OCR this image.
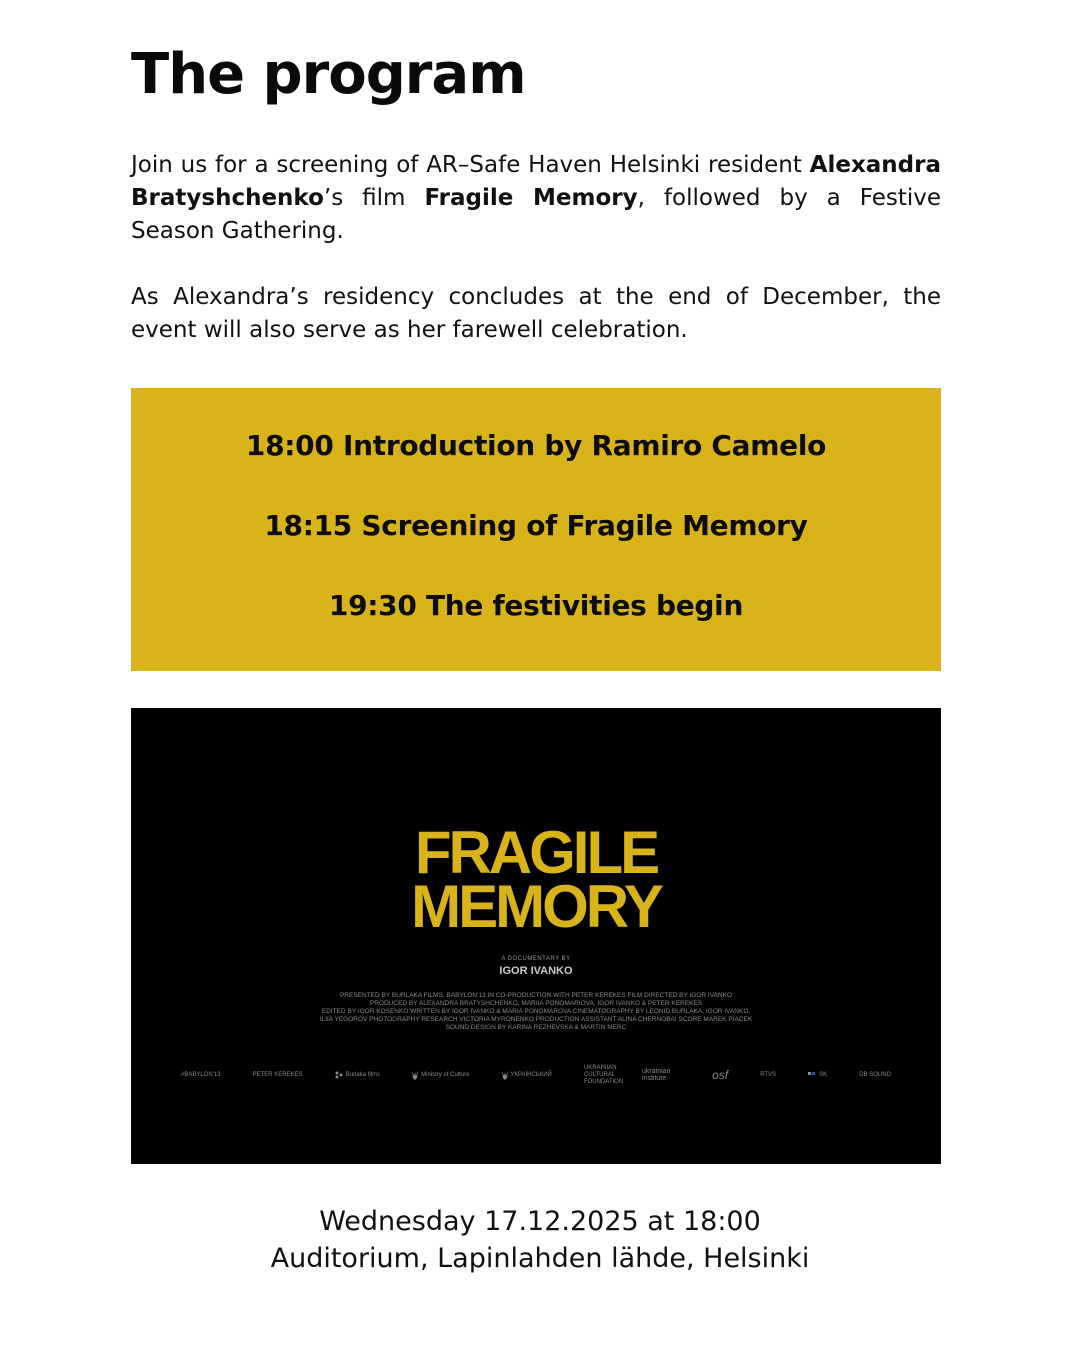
The program

Join us for a screening of AR–Safe Haven Helsinki resident Alexandra Bratyshchenko’s film Fragile Memory, followed by a Festive Season Gathering.

As Alexandra’s residency concludes at the end of December, the event will also serve as her farewell celebration.

18:00 Introduction by Ramiro Camelo
18:15 Screening of Fragile Memory
19:30 The festivities begin
FRAGILE
MEMORY
A DOCUMENTARY BY
IGOR IVANKO
PRESENTED BY BURLAKA FILMS, BABYLON'13 IN CO-PRODUCTION WITH PETER KEREKES FILM DIRECTED BY IGOR IVANKO
PRODUCED BY ALEXANDRA BRATYSHCHENKO, MARIIA PONOMARIOVA, IGOR IVANKO & PETER KEREKES
EDITED BY IGOR KOSENKO WRITTEN BY IGOR IVANKO & MARIA PONOMAROVA CINEMATOGRAPHY BY LEONID BURLAKA, IGOR IVANKO,
ILIIA YEGOROV PHOTOGRAPHY RESEARCH VICTORIA MYRONENKO PRODUCTION ASSISTANT ALINA CHERNOBAI SCORE MAREK PIACEK
SOUND DESIGN BY KARINA REZHEVSKA & MARTIN MERC
#BABYLON'13	PETER KEREKES	Burlaka films	Ministry of Culture	УКРАЇНСЬКИЙ
UKRAINIAN CULTURAL FOUNDATION
ukrainian institute	osf	RTVS	SK	DB SOUND

Wednesday 17.12.2025 at 18:00

Auditorium, Lapinlahden lähde, Helsinki
